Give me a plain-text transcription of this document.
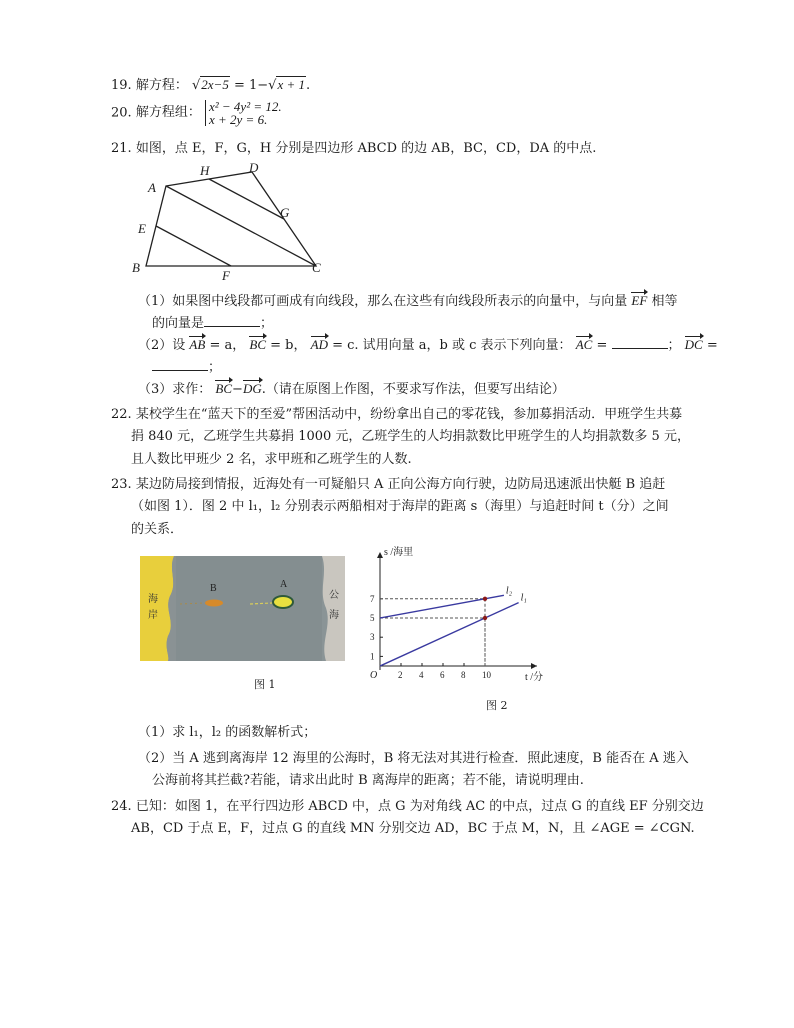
19. 解方程： √2x−5 = 1−√x + 1.
20. 解方程组： x² − 4y² = 12.
x + 2y = 6.
21. 如图，点 E，F，G，H 分别是四边形 ABCD 的边 AB，BC，CD，DA 的中点.
A
H	D
G
E
B
F
C
（1）如果图中线段都可画成有向线段，那么在这些有向线段所表示的向量中，与向量 EF 相等
的向量是	；
（2）设 AB = a， BC = b， AD = c. 试用向量 a，b 或 c 表示下列向量： AC =	； DC =
；
（3）求作： BC−DG.（请在原图上作图，不要求写作法，但要写出结论）
22. 某校学生在“蓝天下的至爱”帮困活动中，纷纷拿出自己的零花钱，参加募捐活动．甲班学生共募
捐 840 元，乙班学生共募捐 1000 元，乙班学生的人均捐款数比甲班学生的人均捐款数多 5 元，
且人数比甲班少 2 名，求甲班和乙班学生的人数.
23. 某边防局接到情报，近海处有一可疑船只 A 正向公海方向行驶，边防局迅速派出快艇 B 追赶
（如图 1）．图 2 中 l₁，l₂ 分别表示两船相对于海岸的距离 s（海里）与追赶时间 t（分）之间
的关系．
B	A
海
岸
公
海
图 1
2 4 6 8 10
1
3
5
7	l₁
l₂
s /海里
t /分
O
图 2
（1）求 l₁，l₂ 的函数解析式；
（2）当 A 逃到离海岸 12 海里的公海时，B 将无法对其进行检查．照此速度，B 能否在 A 逃入
公海前将其拦截?若能，请求出此时 B 离海岸的距离；若不能，请说明理由.
24. 已知：如图 1，在平行四边形 ABCD 中，点 G 为对角线 AC 的中点，过点 G 的直线 EF 分别交边
AB，CD 于点 E，F，过点 G 的直线 MN 分别交边 AD，BC 于点 M，N，且 ∠AGE = ∠CGN.
